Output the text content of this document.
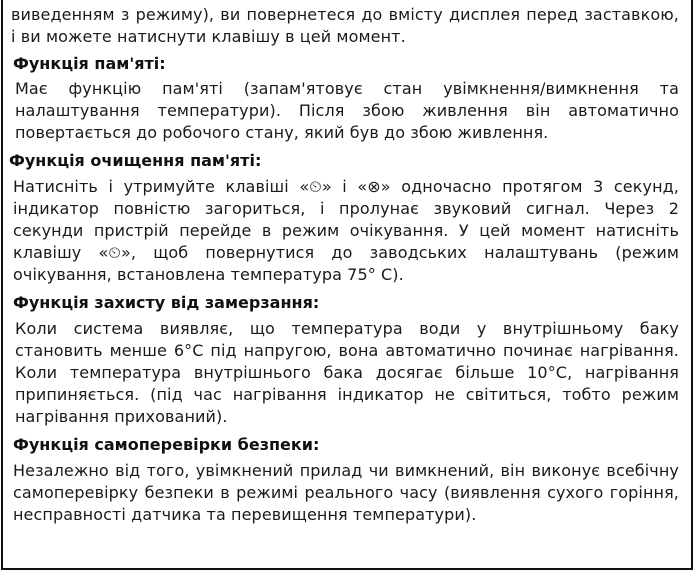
виведенням з режиму), ви повернетеся до вмісту дисплея перед заставкою, і ви можете натиснути клавішу в цей момент.

Функція пам'яті:

Має функцію пам'яті (запам'ятовує стан увімкнення/вимкнення та налаштування температури). Після збою живлення він автоматично повертається до робочого стану, який був до збою живлення.

Функція очищення пам'яті:

Натисніть і утримуйте клавіші «⏲» і «⊗» одночасно протягом 3 секунд, індикатор повністю загориться, і пролунає звуковий сигнал. Через 2 секунди пристрій перейде в режим очікування. У цей момент натисніть клавішу «⏲», щоб повернутися до заводських налаштувань (режим очікування, встановлена температура 75° С).

Функція захисту від замерзання:

Коли система виявляє, що температура води у внутрішньому баку становить менше 6°С під напругою, вона автоматично починає нагрівання. Коли температура внутрішнього бака досягає більше 10°С, нагрівання припиняється. (під час нагрівання індикатор не світиться, тобто режим нагрівання прихований).

Функція самоперевірки безпеки:

Незалежно від того, увімкнений прилад чи вимкнений, він виконує всебічну самоперевірку безпеки в режимі реального часу (виявлення сухого горіння, несправності датчика та перевищення температури).
